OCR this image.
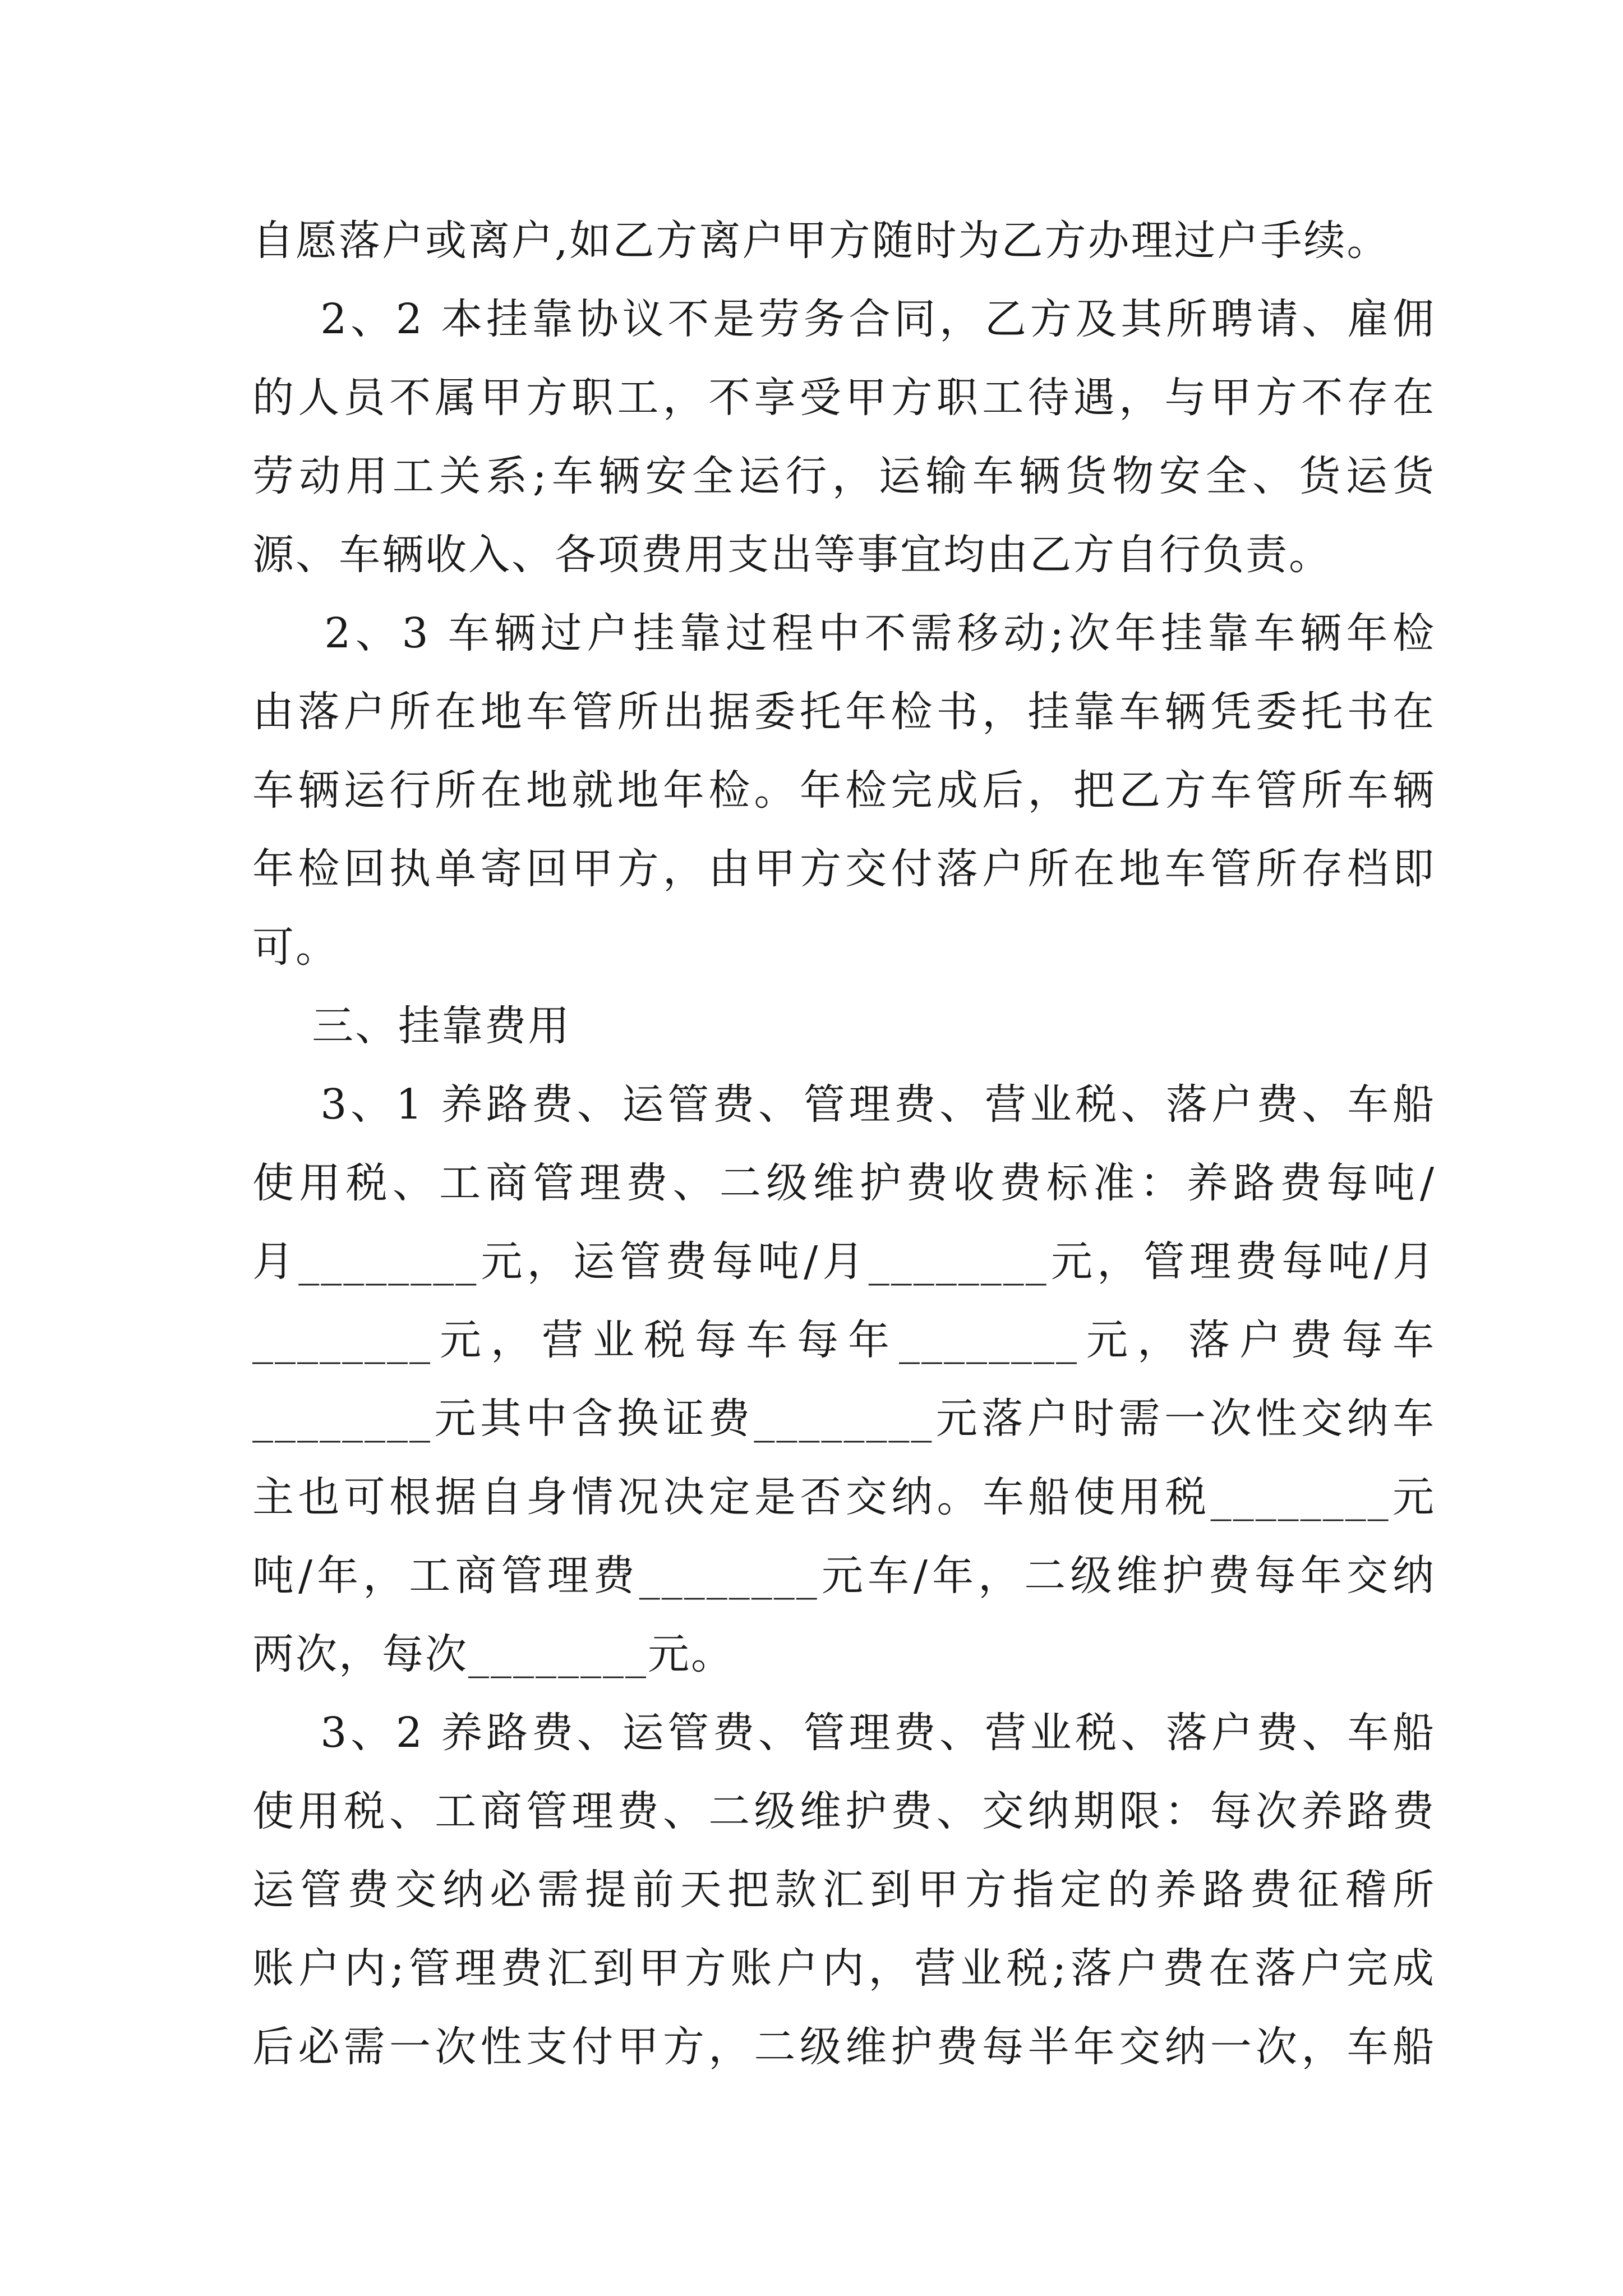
自愿落户或离户,如乙方离户甲方随时为乙方办理过户手续。
2、2 本挂靠协议不是劳务合同，乙方及其所聘请、雇佣
的人员不属甲方职工，不享受甲方职工待遇，与甲方不存在
劳动用工关系;车辆安全运行，运输车辆货物安全、货运货
源、车辆收入、各项费用支出等事宜均由乙方自行负责。
2、3 车辆过户挂靠过程中不需移动;次年挂靠车辆年检
由落户所在地车管所出据委托年检书，挂靠车辆凭委托书在
车辆运行所在地就地年检。年检完成后，把乙方车管所车辆
年检回执单寄回甲方，由甲方交付落户所在地车管所存档即
可。
三、挂靠费用
3、1 养路费、运管费、管理费、营业税、落户费、车船
使用税、工商管理费、二级维护费收费标准：养路费每吨/
月________元，运管费每吨/月________元，管理费每吨/月
________元，营业税每车每年________元，落户费每车
________元其中含换证费________元落户时需一次性交纳车
主也可根据自身情况决定是否交纳。车船使用税________元
吨/年，工商管理费________元车/年，二级维护费每年交纳
两次，每次________元。
3、2 养路费、运管费、管理费、营业税、落户费、车船
使用税、工商管理费、二级维护费、交纳期限：每次养路费
运管费交纳必需提前天把款汇到甲方指定的养路费征稽所
账户内;管理费汇到甲方账户内，营业税;落户费在落户完成
后必需一次性支付甲方，二级维护费每半年交纳一次，车船
